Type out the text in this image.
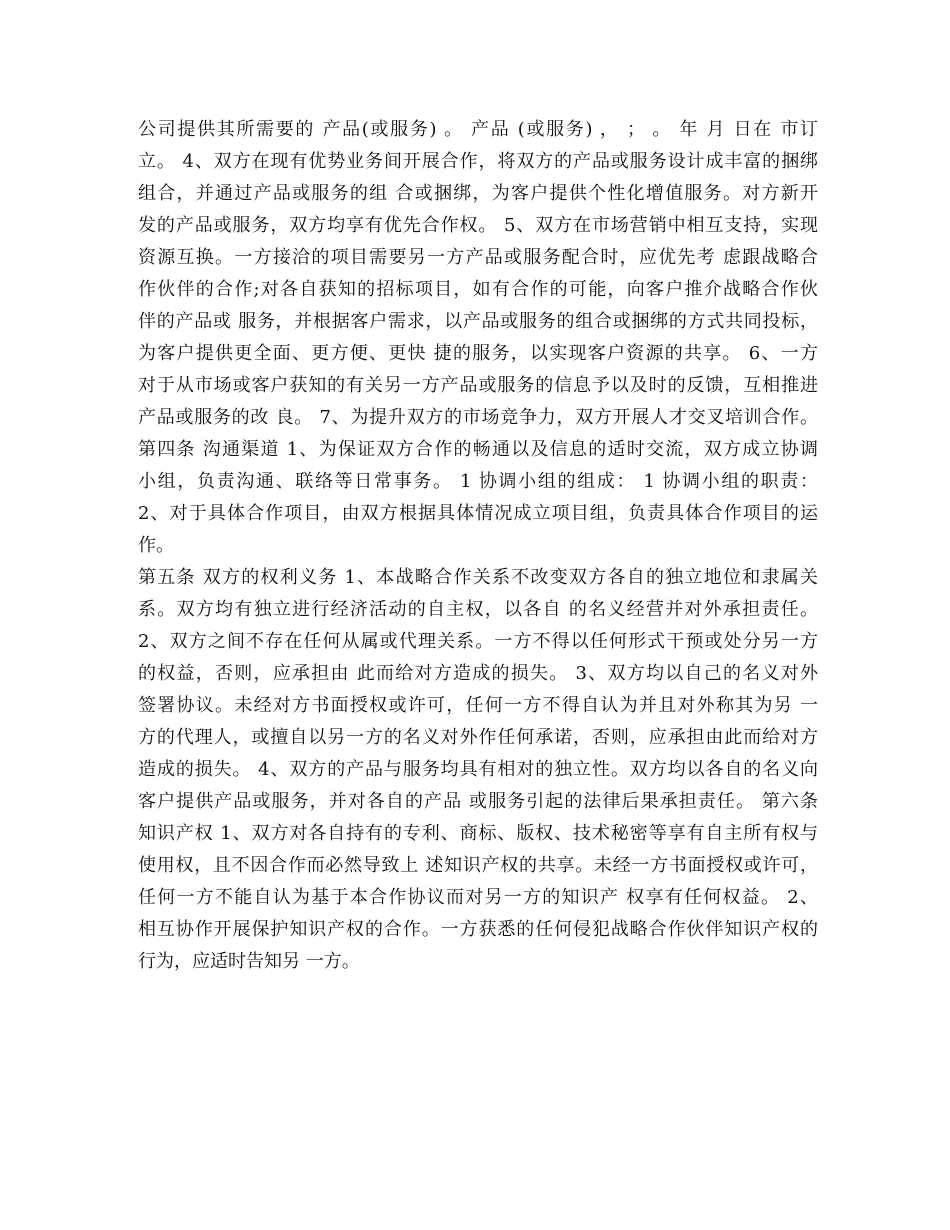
公司提供其所需要的 产品(或服务) 。 产品 (或服务) ， ； 。 年 月 日在 市订
立。 4、双方在现有优势业务间开展合作，将双方的产品或服务设计成丰富的捆绑
组合，并通过产品或服务的组 合或捆绑，为客户提供个性化增值服务。对方新开
发的产品或服务，双方均享有优先合作权。 5、双方在市场营销中相互支持，实现
资源互换。一方接洽的项目需要另一方产品或服务配合时，应优先考 虑跟战略合
作伙伴的合作;对各自获知的招标项目，如有合作的可能，向客户推介战略合作伙
伴的产品或 服务，并根据客户需求，以产品或服务的组合或捆绑的方式共同投标，
为客户提供更全面、更方便、更快 捷的服务，以实现客户资源的共享。 6、一方
对于从市场或客户获知的有关另一方产品或服务的信息予以及时的反馈，互相推进
产品或服务的改 良。 7、为提升双方的市场竞争力，双方开展人才交叉培训合作。
第四条 沟通渠道 1、为保证双方合作的畅通以及信息的适时交流，双方成立协调
小组，负责沟通、联络等日常事务。 1 协调小组的组成： 1 协调小组的职责：
2、对于具体合作项目，由双方根据具体情况成立项目组，负责具体合作项目的运
作。
第五条 双方的权利义务 1、本战略合作关系不改变双方各自的独立地位和隶属关
系。双方均有独立进行经济活动的自主权，以各自 的名义经营并对外承担责任。
2、双方之间不存在任何从属或代理关系。一方不得以任何形式干预或处分另一方
的权益，否则，应承担由 此而给对方造成的损失。 3、双方均以自己的名义对外
签署协议。未经对方书面授权或许可，任何一方不得自认为并且对外称其为另 一
方的代理人，或擅自以另一方的名义对外作任何承诺，否则，应承担由此而给对方
造成的损失。 4、双方的产品与服务均具有相对的独立性。双方均以各自的名义向
客户提供产品或服务，并对各自的产品 或服务引起的法律后果承担责任。 第六条
知识产权 1、双方对各自持有的专利、商标、版权、技术秘密等享有自主所有权与
使用权，且不因合作而必然导致上 述知识产权的共享。未经一方书面授权或许可，
任何一方不能自认为基于本合作协议而对另一方的知识产 权享有任何权益。 2、
相互协作开展保护知识产权的合作。一方获悉的任何侵犯战略合作伙伴知识产权的
行为，应适时告知另 一方。
